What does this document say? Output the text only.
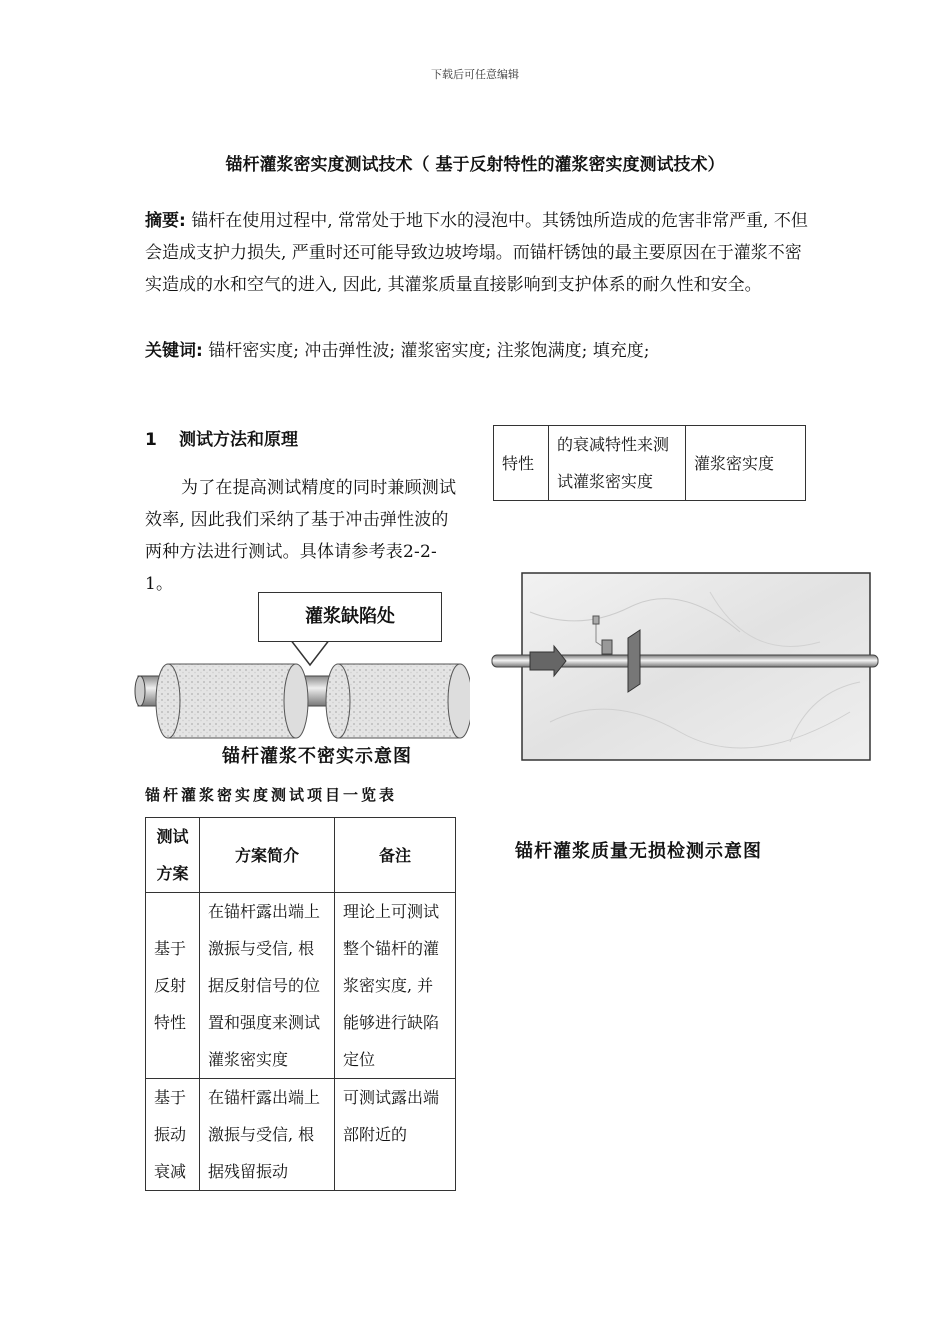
下载后可任意编辑
锚杆灌浆密实度测试技术（ 基于反射特性的灌浆密实度测试技术）
摘要: 锚杆在使用过程中, 常常处于地下水的浸泡中。其锈蚀所造成的危害非常严重, 不但会造成支护力损失, 严重时还可能导致边坡垮塌。而锚杆锈蚀的最主要原因在于灌浆不密实造成的水和空气的进入, 因此, 其灌浆质量直接影响到支护体系的耐久性和安全。
关键词: 锚杆密实度; 冲击弹性波; 灌浆密实度; 注浆饱满度; 填充度;
1 测试方法和原理
为了在提高测试精度的同时兼顾测试效率, 因此我们采纳了基于冲击弹性波的两种方法进行测试。具体请参考表2-2-1。
特性	的衰减特性来测试灌浆密实度	灌浆密实度
灌浆缺陷处
锚杆灌浆不密实示意图
锚杆灌浆质量无损检测示意图
锚杆灌浆密实度测试项目一览表
测试方案	方案简介	备注
基于反射特性	在锚杆露出端上激振与受信, 根据反射信号的位置和强度来测试灌浆密实度	理论上可测试整个锚杆的灌浆密实度, 并能够进行缺陷定位
基于振动衰减	在锚杆露出端上激振与受信, 根据残留振动	可测试露出端部附近的
